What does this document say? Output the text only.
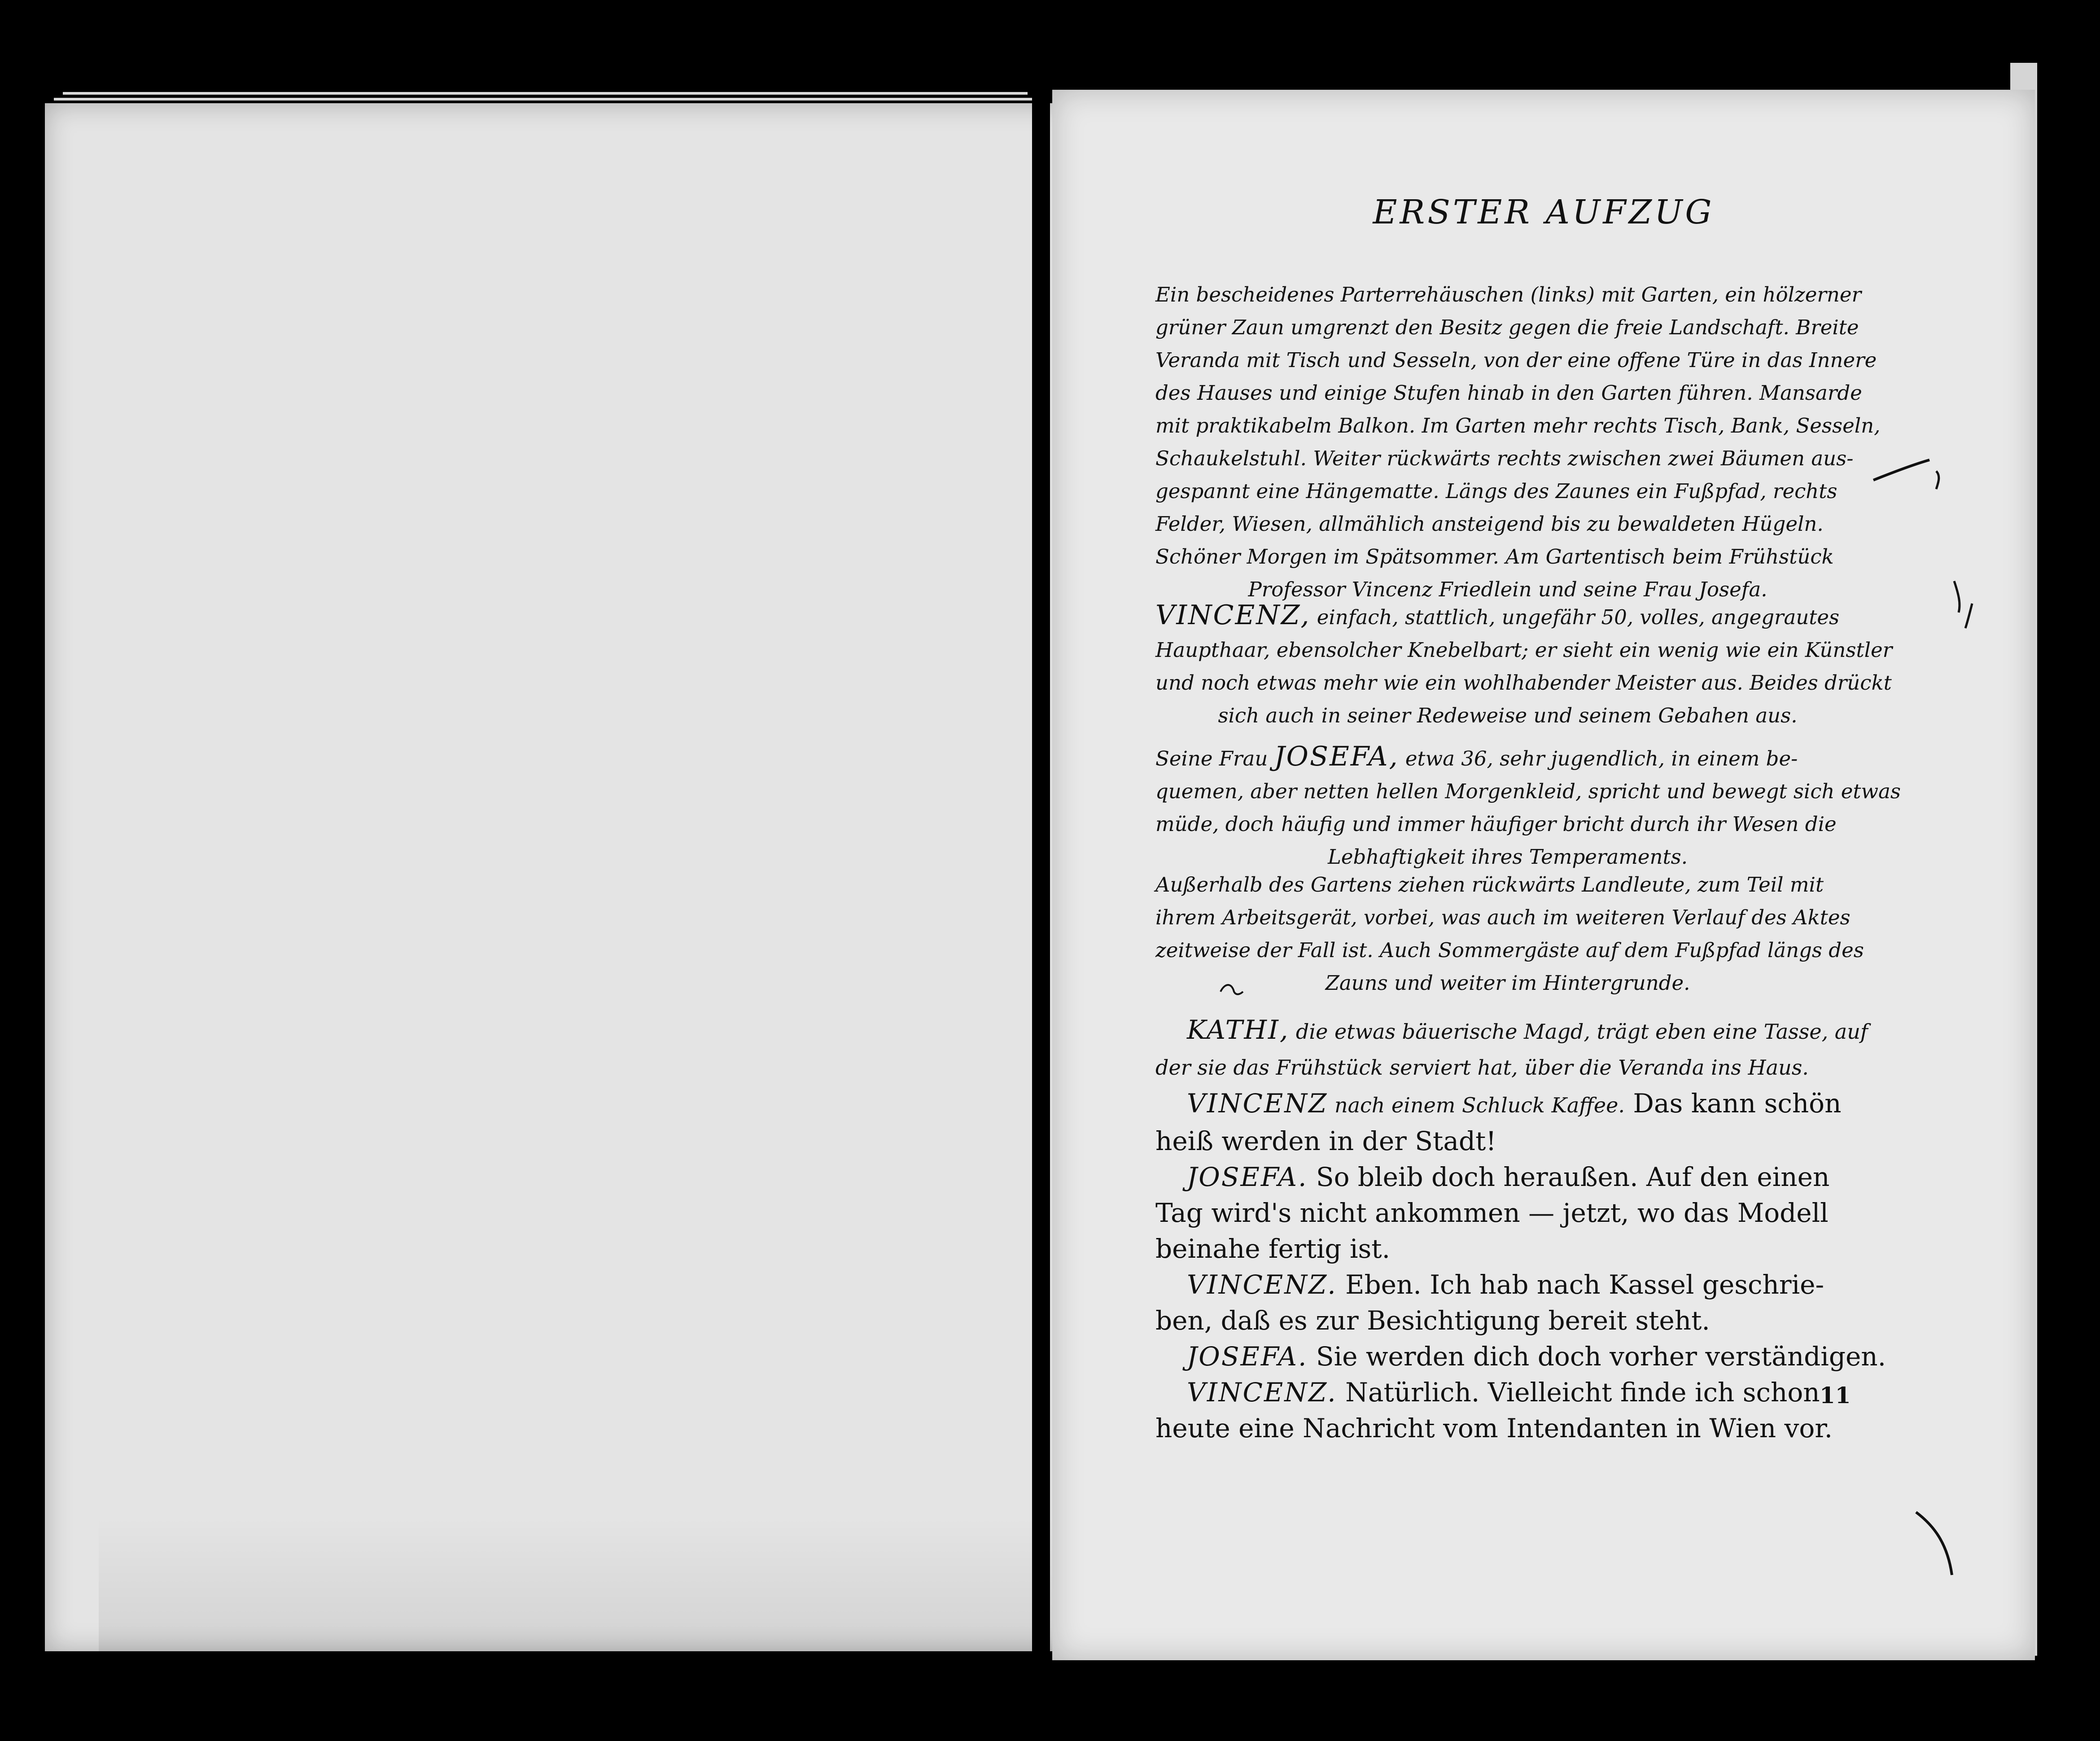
ERSTER AUFZUG
Ein bescheidenes Parterrehäuschen (links) mit Garten, ein hölzerner
grüner Zaun umgrenzt den Besitz gegen die freie Landschaft. Breite
Veranda mit Tisch und Sesseln, von der eine offene Türe in das Innere
des Hauses und einige Stufen hinab in den Garten führen. Mansarde
mit praktikabelm Balkon. Im Garten mehr rechts Tisch, Bank, Sesseln,
Schaukelstuhl. Weiter rückwärts rechts zwischen zwei Bäumen aus-
gespannt eine Hängematte. Längs des Zaunes ein Fußpfad, rechts
Felder, Wiesen, allmählich ansteigend bis zu bewaldeten Hügeln.
Schöner Morgen im Spätsommer. Am Gartentisch beim Frühstück
Professor Vincenz Friedlein und seine Frau Josefa.
VINCENZ, einfach, stattlich, ungefähr 50, volles, angegrautes
Haupthaar, ebensolcher Knebelbart; er sieht ein wenig wie ein Künstler
und noch etwas mehr wie ein wohlhabender Meister aus. Beides drückt
sich auch in seiner Redeweise und seinem Gebahen aus.
Seine Frau JOSEFA, etwa 36, sehr jugendlich, in einem be-
quemen, aber netten hellen Morgenkleid, spricht und bewegt sich etwas
müde, doch häufig und immer häufiger bricht durch ihr Wesen die
Lebhaftigkeit ihres Temperaments.
Außerhalb des Gartens ziehen rückwärts Landleute, zum Teil mit
ihrem Arbeitsgerät, vorbei, was auch im weiteren Verlauf des Aktes
zeitweise der Fall ist. Auch Sommergäste auf dem Fußpfad längs des
Zauns und weiter im Hintergrunde.
KATHI, die etwas bäuerische Magd, trägt eben eine Tasse, auf
der sie das Frühstück serviert hat, über die Veranda ins Haus.
VINCENZ nach einem Schluck Kaffee. Das kann schön
heiß werden in der Stadt!
JOSEFA. So bleib doch heraußen. Auf den einen
Tag wird's nicht ankommen — jetzt, wo das Modell
beinahe fertig ist.
VINCENZ. Eben. Ich hab nach Kassel geschrie-
ben, daß es zur Besichtigung bereit steht.
JOSEFA. Sie werden dich doch vorher verständigen.
VINCENZ. Natürlich. Vielleicht finde ich schon
heute eine Nachricht vom Intendanten in Wien vor.
11
